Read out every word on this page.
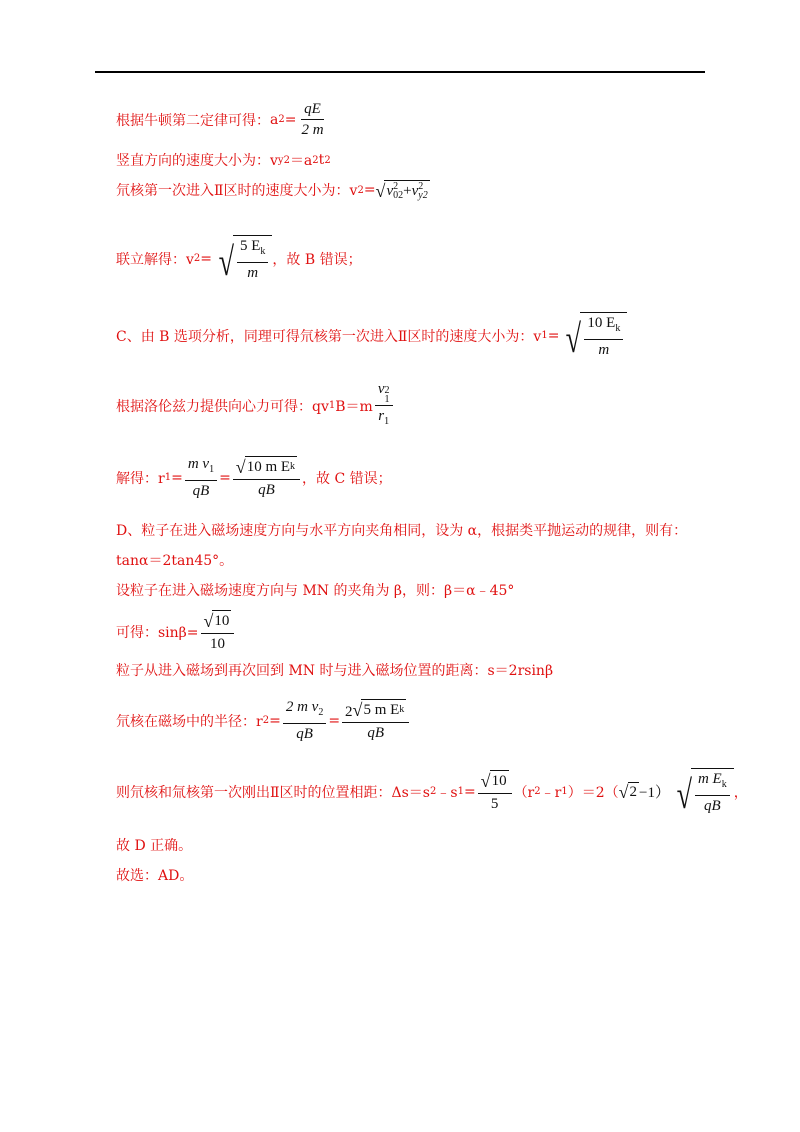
根据牛顿第二定律可得： a $2 = \frac{qE}{2 m}$
竖直方向的速度大小为：v y2 ＝a 2 t 2
氘核第一次进入Ⅱ区时的速度大小为：v 2 = √ v 2
02 + v 2
y2
联立解得：v 2 = √ $\frac{5 E_k}{m}$ ，故 B 错误；
C、由 B 选项分析，同理可得氘核第一次进入Ⅱ区时的速度大小为：v 1 = √ $\frac{10 E_k}{m}$
根据洛伦兹力提供向心力可得：qv 1 B＝m v 2
1
$r_1$
解得：r $1 = \frac{m v_1}{qB} = \frac{\text{√ 10 m E k}}{qB}$ ，故 C 错误；
D、粒子在进入磁场速度方向与水平方向夹角相同，设为 α，根据类平抛运动的规律，则有：
tanα＝2tan45°。
设粒子在进入磁场速度方向与 MN 的夹角为 β，则：β＝α﹣45°
可得：$\sin\beta= \frac{√ 10}{10}$
粒子从进入磁场到再次回到 MN 时与进入磁场位置的距离：s＝2rsinβ
氘核在磁场中的半径：r $2 = \frac{2 m v_2}{qB} = \frac{\text{2 √ 5 m E k}}{qB}$
则氘核和氚核第一次刚出Ⅱ区时的位置相距：Δs＝s 2 ﹣s $1 = \frac{√ 10}{5} (r$ 2 ﹣r 1 ）＝2（ √ 2 −1） √ $\frac{m E_k}{qB}$ ，
故 D 正确。
故选：AD。
